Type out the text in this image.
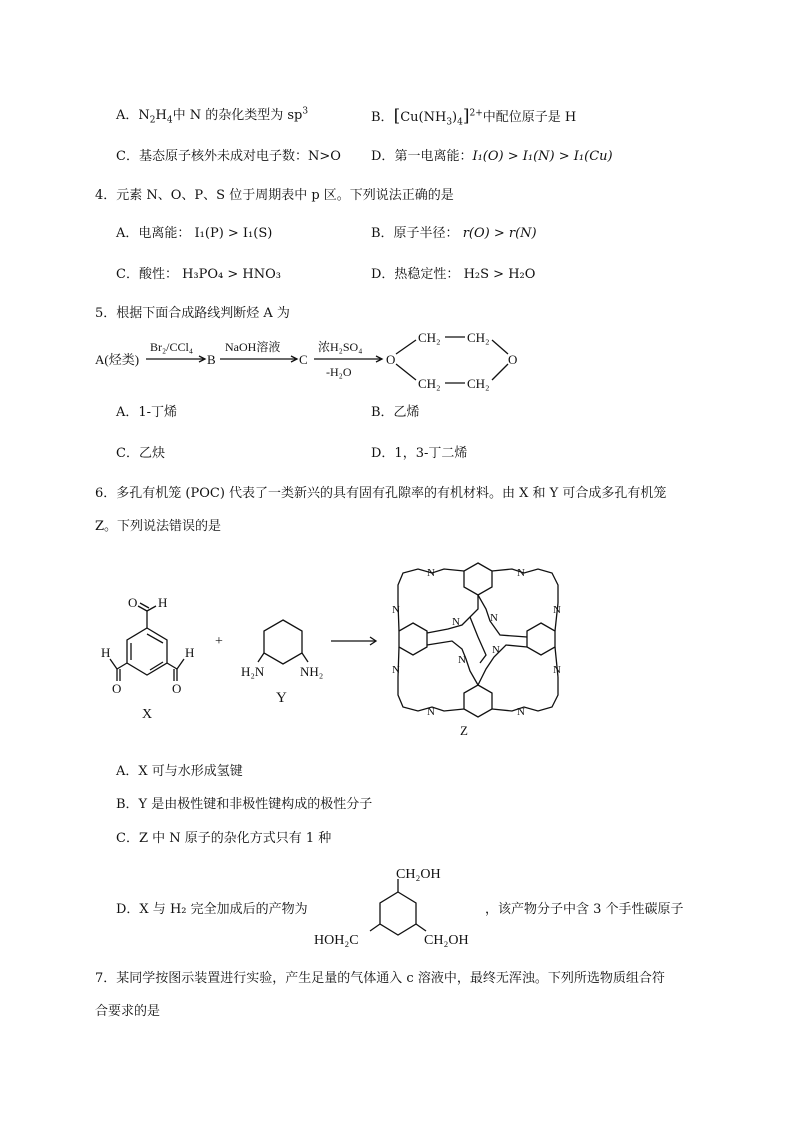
A．$N_2H_4$中 N 的杂化类型为 $sp^3$	B．$[Cu(NH_3)_4]^{2+}$中配位原子是 H
C．基态原子核外未成对电子数：N>O D．第一电离能：I₁(O) > I₁(N) > I₁(Cu)
4．元素 N、O、P、S 位于周期表中 p 区。下列说法正确的是
A．电离能： I₁(P) > I₁(S)	B．原子半径： r(O) > r(N)
C．酸性： H₃PO₄ > HNO₃	D．热稳定性： H₂S > H₂O
5．根据下面合成路线判断烃 A 为
A(烃类)
Br₂/CCl₄
B
NaOH溶液
C
浓H₂SO₄
-H₂O
O	O
CH₂ CH₂
CH₂ CH₂
A．1-丁烯	B．乙烯
C．乙炔	D．1，3-丁二烯
6．多孔有机笼 (POC) 代表了一类新兴的具有固有孔隙率的有机材料。由 X 和 Y 可合成多孔有机笼
Z。下列说法错误的是
O H
H
O
H
O
X
+
H₂N	NH₂
Y
N	N
N	N
N	N
N	N
N	N
N
N
Z
A．X 可与水形成氢键
B．Y 是由极性键和非极性键构成的极性分子
C．Z 中 N 原子的杂化方式只有 1 种
D．X 与 H₂ 完全加成后的产物为
CH₂OH
HOH₂C	CH₂OH
，该产物分子中含 3 个手性碳原子
7．某同学按图示装置进行实验，产生足量的气体通入 c 溶液中，最终无浑浊。下列所选物质组合符
合要求的是
